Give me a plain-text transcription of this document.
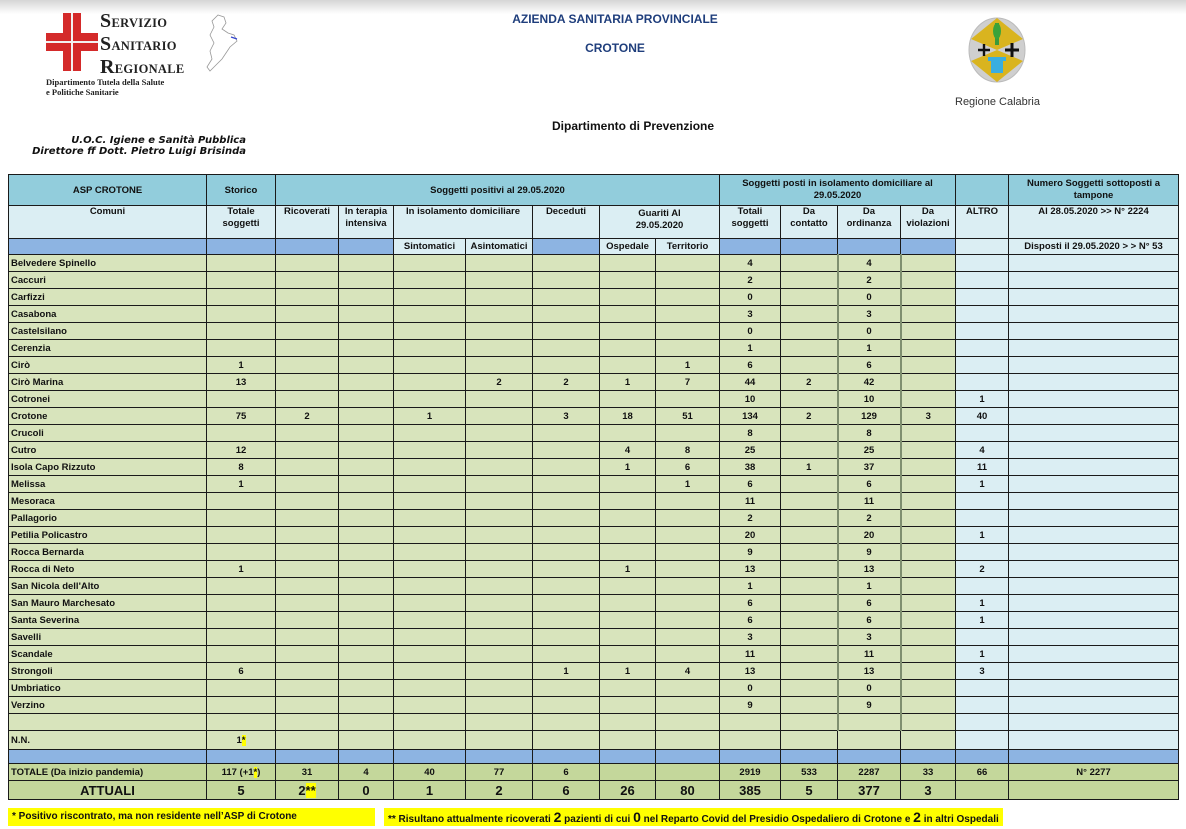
SERVIZIO
SANITARIO
REGIONALE
Dipartimento Tutela della Salute
e Politiche Sanitarie
AZIENDA SANITARIA PROVINCIALE
CROTONE
Regione Calabria
Dipartimento di Prevenzione
U.O.C. Igiene e Sanità Pubblica
Direttore ff Dott. Pietro Luigi Brisinda
ASP CROTONE	Storico	Soggetti positivi al 29.05.2020							Soggetti posti in isolamento domiciliare al 29.05.2020					Numero Soggetti sottoposti a tampone
Comuni	Totale soggetti	Ricoverati	In terapia intensiva	In isolamento domiciliare		Deceduti	Guariti Al 29.05.2020		Totali soggetti	Da contatto	Da ordinanza	Da violazioni	ALTRO	Al 28.05.2020 >> N° 2224
				Sintomatici	Asintomatici		Ospedale	Territorio						Disposti il 29.05.2020 > > N° 53
Belvedere Spinello									4		4			
Caccuri									2		2			
Carfizzi									0		0			
Casabona									3		3			
Castelsilano									0		0			
Cerenzia									1		1			
Cirò	1							1	6		6			
Cirò Marina	13				2	2	1	7	44	2	42			
Cotronei									10		10		1	
Crotone	75	2		1		3	18	51	134	2	129	3	40	
Crucoli									8		8			
Cutro	12						4	8	25		25		4	
Isola Capo Rizzuto	8						1	6	38	1	37		11	
Melissa	1							1	6		6		1	
Mesoraca									11		11			
Pallagorio									2		2			
Petilia Policastro									20		20		1	
Rocca Bernarda									9		9			
Rocca di Neto	1						1		13		13		2	
San Nicola dell'Alto									1		1			
San Mauro Marchesato									6		6		1	
Santa Severina									6		6		1	
Savelli									3		3			
Scandale									11		11		1	
Strongoli	6					1	1	4	13		13		3	
Umbriatico									0		0			
Verzino									9		9			

N.N.	1*													

TOTALE (Da inizio pandemia)	117 (+1*)	31	4	40	77	6			2919	533	2287	33	66	N° 2277
ATTUALI	5	2**	0	1	2	6	26	80	385	5	377	3		
* Positivo riscontrato, ma non residente nell’ASP di Crotone	** Risultano attualmente ricoverati 2 pazienti di cui 0 nel Reparto Covid del Presidio Ospedaliero di Crotone e 2 in altri Ospedali
